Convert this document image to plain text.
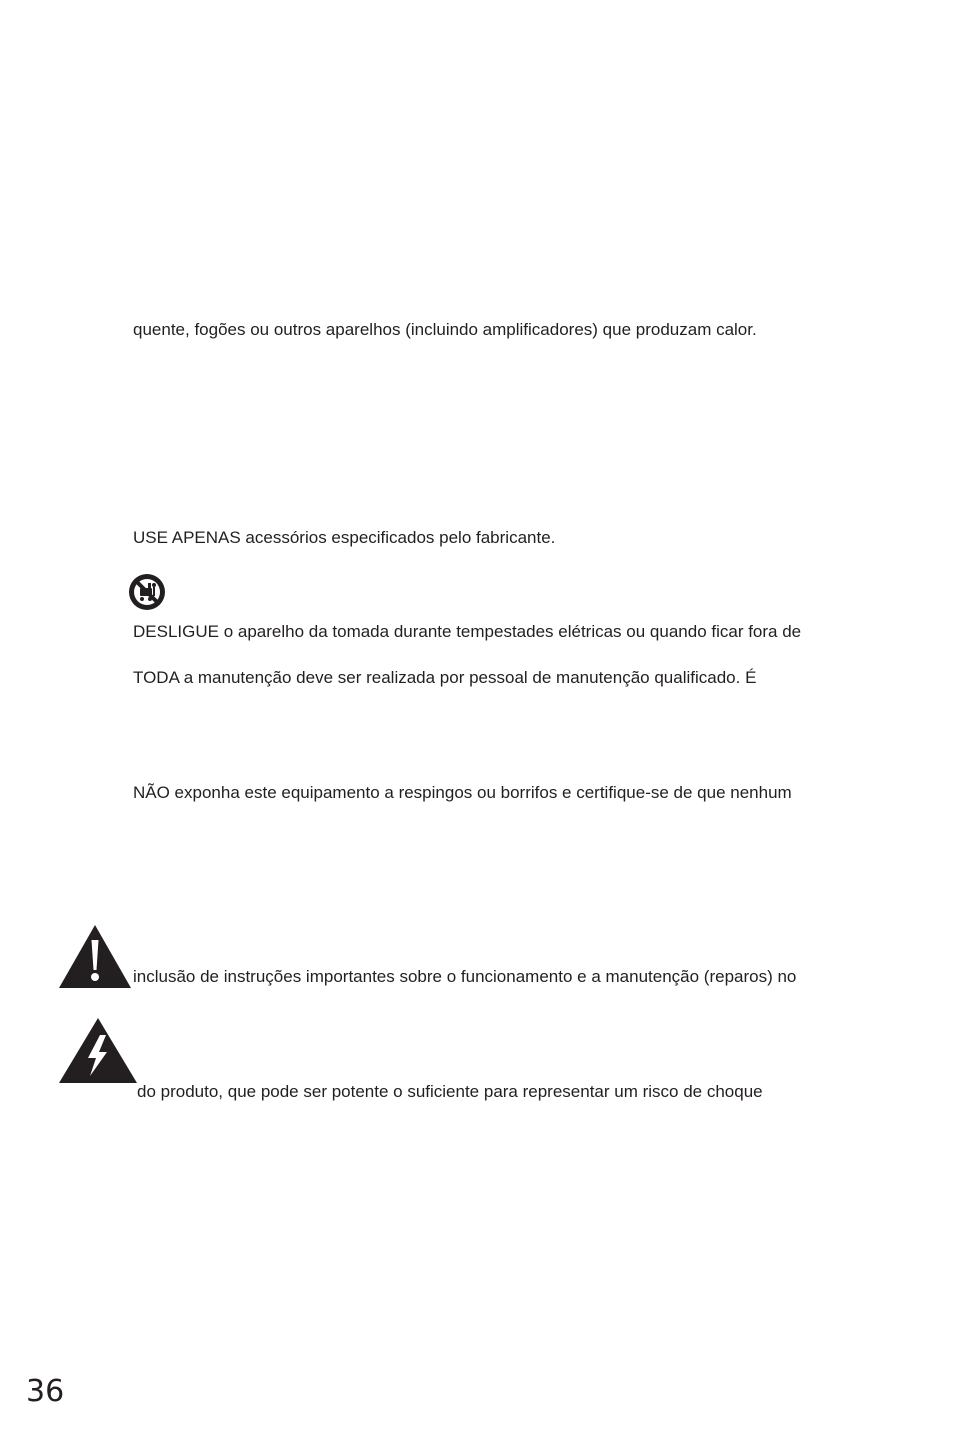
quente, fogões ou outros aparelhos (incluindo amplificadores) que produzam calor.
USE APENAS acessórios especificados pelo fabricante.
DESLIGUE o aparelho da tomada durante tempestades elétricas ou quando ficar fora de
TODA a manutenção deve ser realizada por pessoal de manutenção qualificado. É
NÃO exponha este equipamento a respingos ou borrifos e certifique-se de que nenhum
inclusão de instruções importantes sobre o funcionamento e a manutenção (reparos) no
do produto, que pode ser potente o suficiente para representar um risco de choque
36
